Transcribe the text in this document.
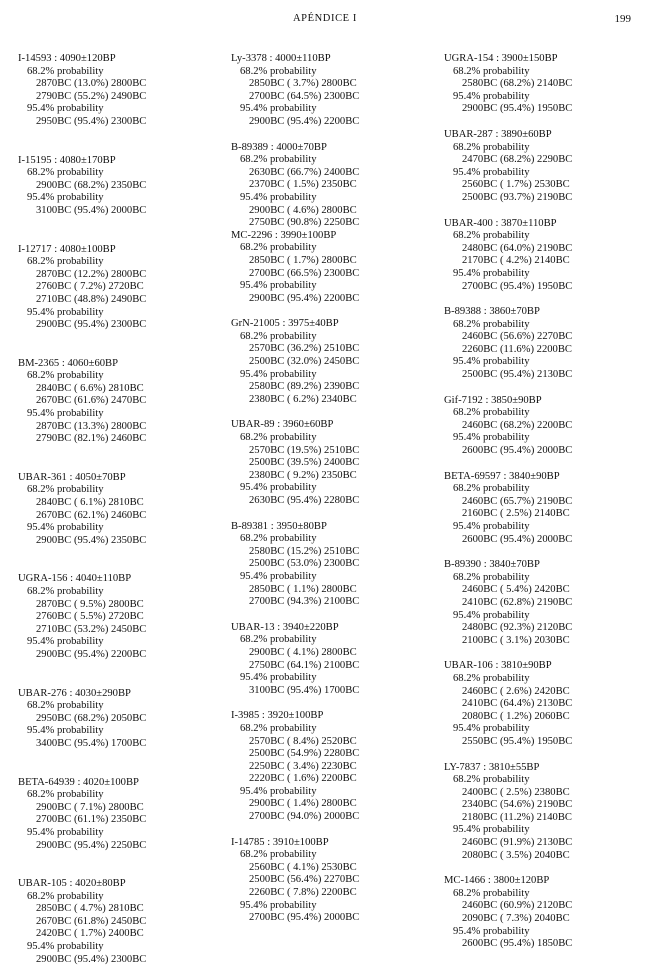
APÉNDICE I	199
I-14593 : 4090±120BP
68.2% probability
2870BC (13.0%) 2800BC
2790BC (55.2%) 2490BC
95.4% probability
2950BC (95.4%) 2300BC
I-15195 : 4080±170BP
68.2% probability
2900BC (68.2%) 2350BC
95.4% probability
3100BC (95.4%) 2000BC
I-12717 : 4080±100BP
68.2% probability
2870BC (12.2%) 2800BC
2760BC ( 7.2%) 2720BC
2710BC (48.8%) 2490BC
95.4% probability
2900BC (95.4%) 2300BC
BM-2365 : 4060±60BP
68.2% probability
2840BC ( 6.6%) 2810BC
2670BC (61.6%) 2470BC
95.4% probability
2870BC (13.3%) 2800BC
2790BC (82.1%) 2460BC
UBAR-361 : 4050±70BP
68.2% probability
2840BC ( 6.1%) 2810BC
2670BC (62.1%) 2460BC
95.4% probability
2900BC (95.4%) 2350BC
UGRA-156 : 4040±110BP
68.2% probability
2870BC ( 9.5%) 2800BC
2760BC ( 5.5%) 2720BC
2710BC (53.2%) 2450BC
95.4% probability
2900BC (95.4%) 2200BC
UBAR-276 : 4030±290BP
68.2% probability
2950BC (68.2%) 2050BC
95.4% probability
3400BC (95.4%) 1700BC
BETA-64939 : 4020±100BP
68.2% probability
2900BC ( 7.1%) 2800BC
2700BC (61.1%) 2350BC
95.4% probability
2900BC (95.4%) 2250BC
UBAR-105 : 4020±80BP
68.2% probability
2850BC ( 4.7%) 2810BC
2670BC (61.8%) 2450BC
2420BC ( 1.7%) 2400BC
95.4% probability
2900BC (95.4%) 2300BC
Ly-3378 : 4000±110BP
68.2% probability
2850BC ( 3.7%) 2800BC
2700BC (64.5%) 2300BC
95.4% probability
2900BC (95.4%) 2200BC
B-89389 : 4000±70BP
68.2% probability
2630BC (66.7%) 2400BC
2370BC ( 1.5%) 2350BC
95.4% probability
2900BC ( 4.6%) 2800BC
2750BC (90.8%) 2250BC
MC-2296 : 3990±100BP
68.2% probability
2850BC ( 1.7%) 2800BC
2700BC (66.5%) 2300BC
95.4% probability
2900BC (95.4%) 2200BC
GrN-21005 : 3975±40BP
68.2% probability
2570BC (36.2%) 2510BC
2500BC (32.0%) 2450BC
95.4% probability
2580BC (89.2%) 2390BC
2380BC ( 6.2%) 2340BC
UBAR-89 : 3960±60BP
68.2% probability
2570BC (19.5%) 2510BC
2500BC (39.5%) 2400BC
2380BC ( 9.2%) 2350BC
95.4% probability
2630BC (95.4%) 2280BC
B-89381 : 3950±80BP
68.2% probability
2580BC (15.2%) 2510BC
2500BC (53.0%) 2300BC
95.4% probability
2850BC ( 1.1%) 2800BC
2700BC (94.3%) 2100BC
UBAR-13 : 3940±220BP
68.2% probability
2900BC ( 4.1%) 2800BC
2750BC (64.1%) 2100BC
95.4% probability
3100BC (95.4%) 1700BC
I-3985 : 3920±100BP
68.2% probability
2570BC ( 8.4%) 2520BC
2500BC (54.9%) 2280BC
2250BC ( 3.4%) 2230BC
2220BC ( 1.6%) 2200BC
95.4% probability
2900BC ( 1.4%) 2800BC
2700BC (94.0%) 2000BC
I-14785 : 3910±100BP
68.2% probability
2560BC ( 4.1%) 2530BC
2500BC (56.4%) 2270BC
2260BC ( 7.8%) 2200BC
95.4% probability
2700BC (95.4%) 2000BC
UGRA-154 : 3900±150BP
68.2% probability
2580BC (68.2%) 2140BC
95.4% probability
2900BC (95.4%) 1950BC
UBAR-287 : 3890±60BP
68.2% probability
2470BC (68.2%) 2290BC
95.4% probability
2560BC ( 1.7%) 2530BC
2500BC (93.7%) 2190BC
UBAR-400 : 3870±110BP
68.2% probability
2480BC (64.0%) 2190BC
2170BC ( 4.2%) 2140BC
95.4% probability
2700BC (95.4%) 1950BC
B-89388 : 3860±70BP
68.2% probability
2460BC (56.6%) 2270BC
2260BC (11.6%) 2200BC
95.4% probability
2500BC (95.4%) 2130BC
Gif-7192 : 3850±90BP
68.2% probability
2460BC (68.2%) 2200BC
95.4% probability
2600BC (95.4%) 2000BC
BETA-69597 : 3840±90BP
68.2% probability
2460BC (65.7%) 2190BC
2160BC ( 2.5%) 2140BC
95.4% probability
2600BC (95.4%) 2000BC
B-89390 : 3840±70BP
68.2% probability
2460BC ( 5.4%) 2420BC
2410BC (62.8%) 2190BC
95.4% probability
2480BC (92.3%) 2120BC
2100BC ( 3.1%) 2030BC
UBAR-106 : 3810±90BP
68.2% probability
2460BC ( 2.6%) 2420BC
2410BC (64.4%) 2130BC
2080BC ( 1.2%) 2060BC
95.4% probability
2550BC (95.4%) 1950BC
LY-7837 : 3810±55BP
68.2% probability
2400BC ( 2.5%) 2380BC
2340BC (54.6%) 2190BC
2180BC (11.2%) 2140BC
95.4% probability
2460BC (91.9%) 2130BC
2080BC ( 3.5%) 2040BC
MC-1466 : 3800±120BP
68.2% probability
2460BC (60.9%) 2120BC
2090BC ( 7.3%) 2040BC
95.4% probability
2600BC (95.4%) 1850BC
